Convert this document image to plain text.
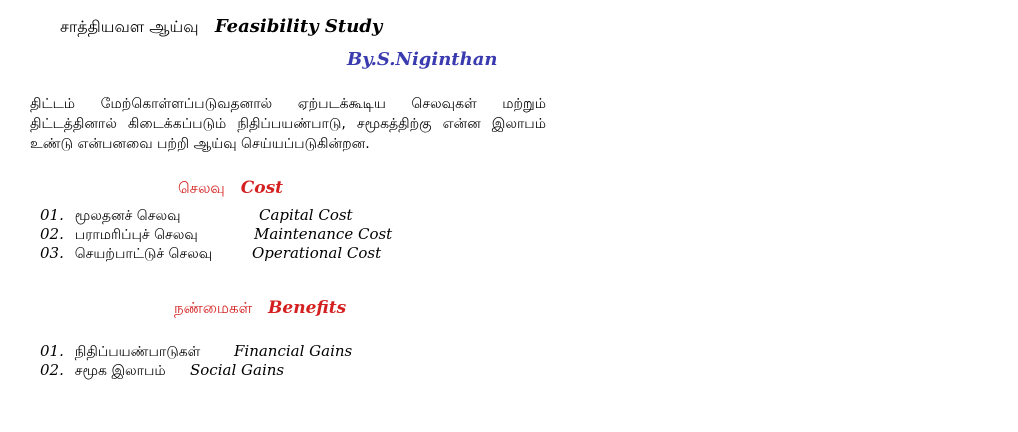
சாத்தியவள ஆய்வு Feasibility Study
By.S.Niginthan
திட்டம் மேற்கொள்ளப்படுவதனால் ஏற்படக்கூடிய செலவுகள் மற்றும் திட்டத்தினால் கிடைக்கப்படும் நிதிப்பயண்பாடு, சமூகத்திற்கு என்ன இலாபம் உண்டு என்பனவை பற்றி ஆய்வு செய்யப்படுகின்றன.
செலவு Cost
01. மூலதனச் செலவு	Capital Cost
02. பராமரிப்புச் செலவு	Maintenance Cost
03. செயற்பாட்டுச் செலவு	Operational Cost
நண்மைகள் Benefits
01. நிதிப்பயண்பாடுகள் Financial Gains
02. சமூக இலாபம் Social Gains
